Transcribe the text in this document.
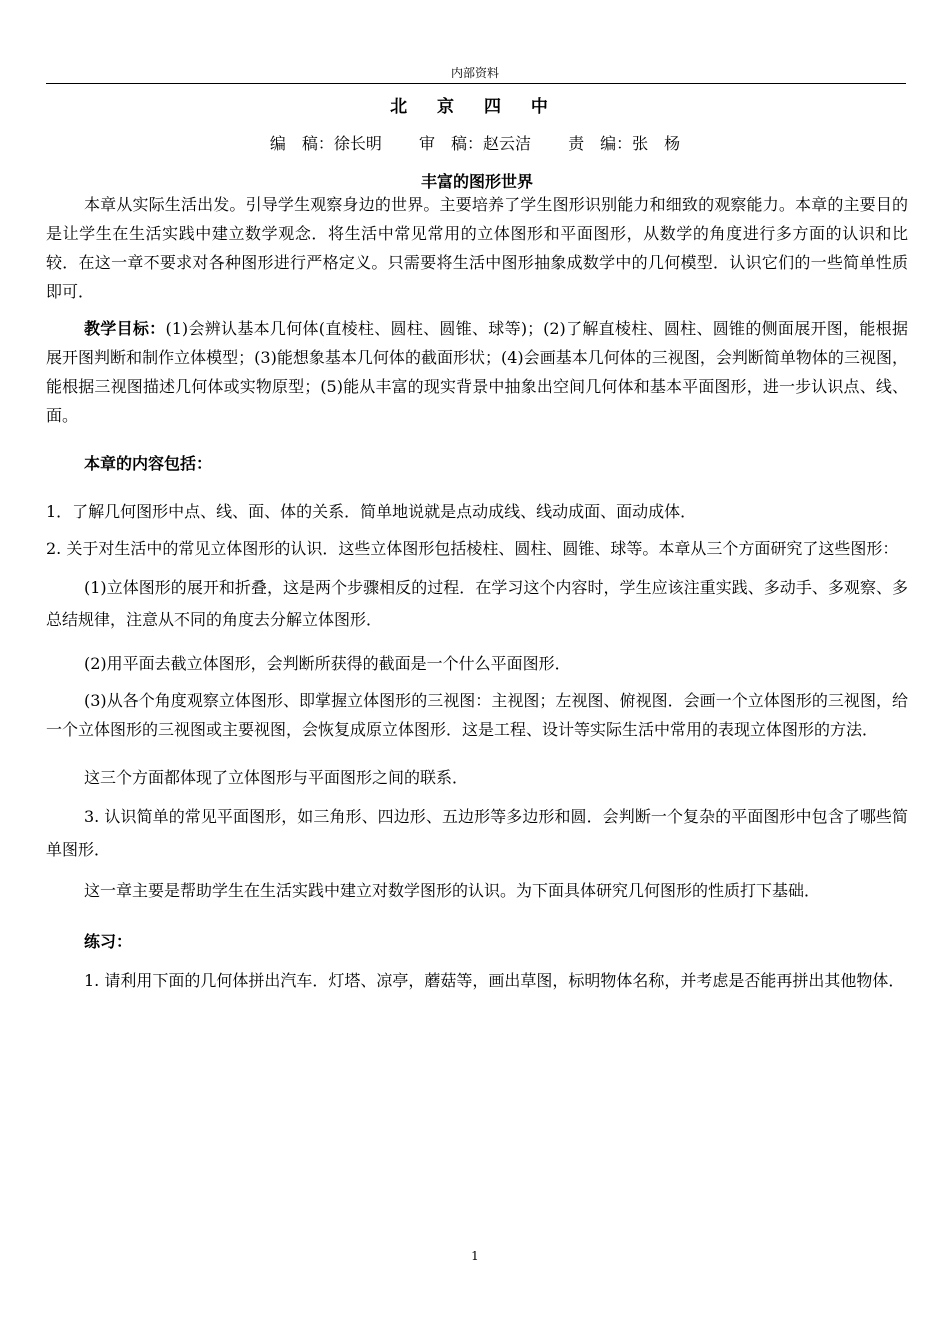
内部资料
北 京 四 中
编　稿：徐长明　　 审　稿：赵云洁　　 责　编：张　杨
丰富的图形世界

本章从实际生活出发。引导学生观察身边的世界。主要培养了学生图形识别能力和细致的观察能力。本章的主要目的是让学生在生活实践中建立数学观念．将生活中常见常用的立体图形和平面图形，从数学的角度进行多方面的认识和比较．在这一章不要求对各种图形进行严格定义。只需要将生活中图形抽象成数学中的几何模型．认识它们的一些简单性质即可．

教学目标：(1)会辨认基本几何体(直棱柱、圆柱、圆锥、球等)；(2)了解直棱柱、圆柱、圆锥的侧面展开图，能根据展开图判断和制作立体模型；(3)能想象基本几何体的截面形状；(4)会画基本几何体的三视图，会判断简单物体的三视图，能根据三视图描述几何体或实物原型；(5)能从丰富的现实背景中抽象出空间几何体和基本平面图形，进一步认识点、线、面。

本章的内容包括：

1．了解几何图形中点、线、面、体的关系．简单地说就是点动成线、线动成面、面动成体．

2. 关于对生活中的常见立体图形的认识．这些立体图形包括棱柱、圆柱、圆锥、球等。本章从三个方面研究了这些图形：

(1)立体图形的展开和折叠，这是两个步骤相反的过程．在学习这个内容时，学生应该注重实践、多动手、多观察、多总结规律，注意从不同的角度去分解立体图形．

(2)用平面去截立体图形，会判断所获得的截面是一个什么平面图形．

(3)从各个角度观察立体图形、即掌握立体图形的三视图：主视图；左视图、俯视图．会画一个立体图形的三视图，给一个立体图形的三视图或主要视图，会恢复成原立体图形．这是工程、设计等实际生活中常用的表现立体图形的方法．

这三个方面都体现了立体图形与平面图形之间的联系．

3. 认识简单的常见平面图形，如三角形、四边形、五边形等多边形和圆．会判断一个复杂的平面图形中包含了哪些简单图形．

这一章主要是帮助学生在生活实践中建立对数学图形的认识。为下面具体研究几何图形的性质打下基础．

练习：

1. 请利用下面的几何体拼出汽车．灯塔、凉亭，蘑菇等，画出草图，标明物体名称，并考虑是否能再拼出其他物体．

1
